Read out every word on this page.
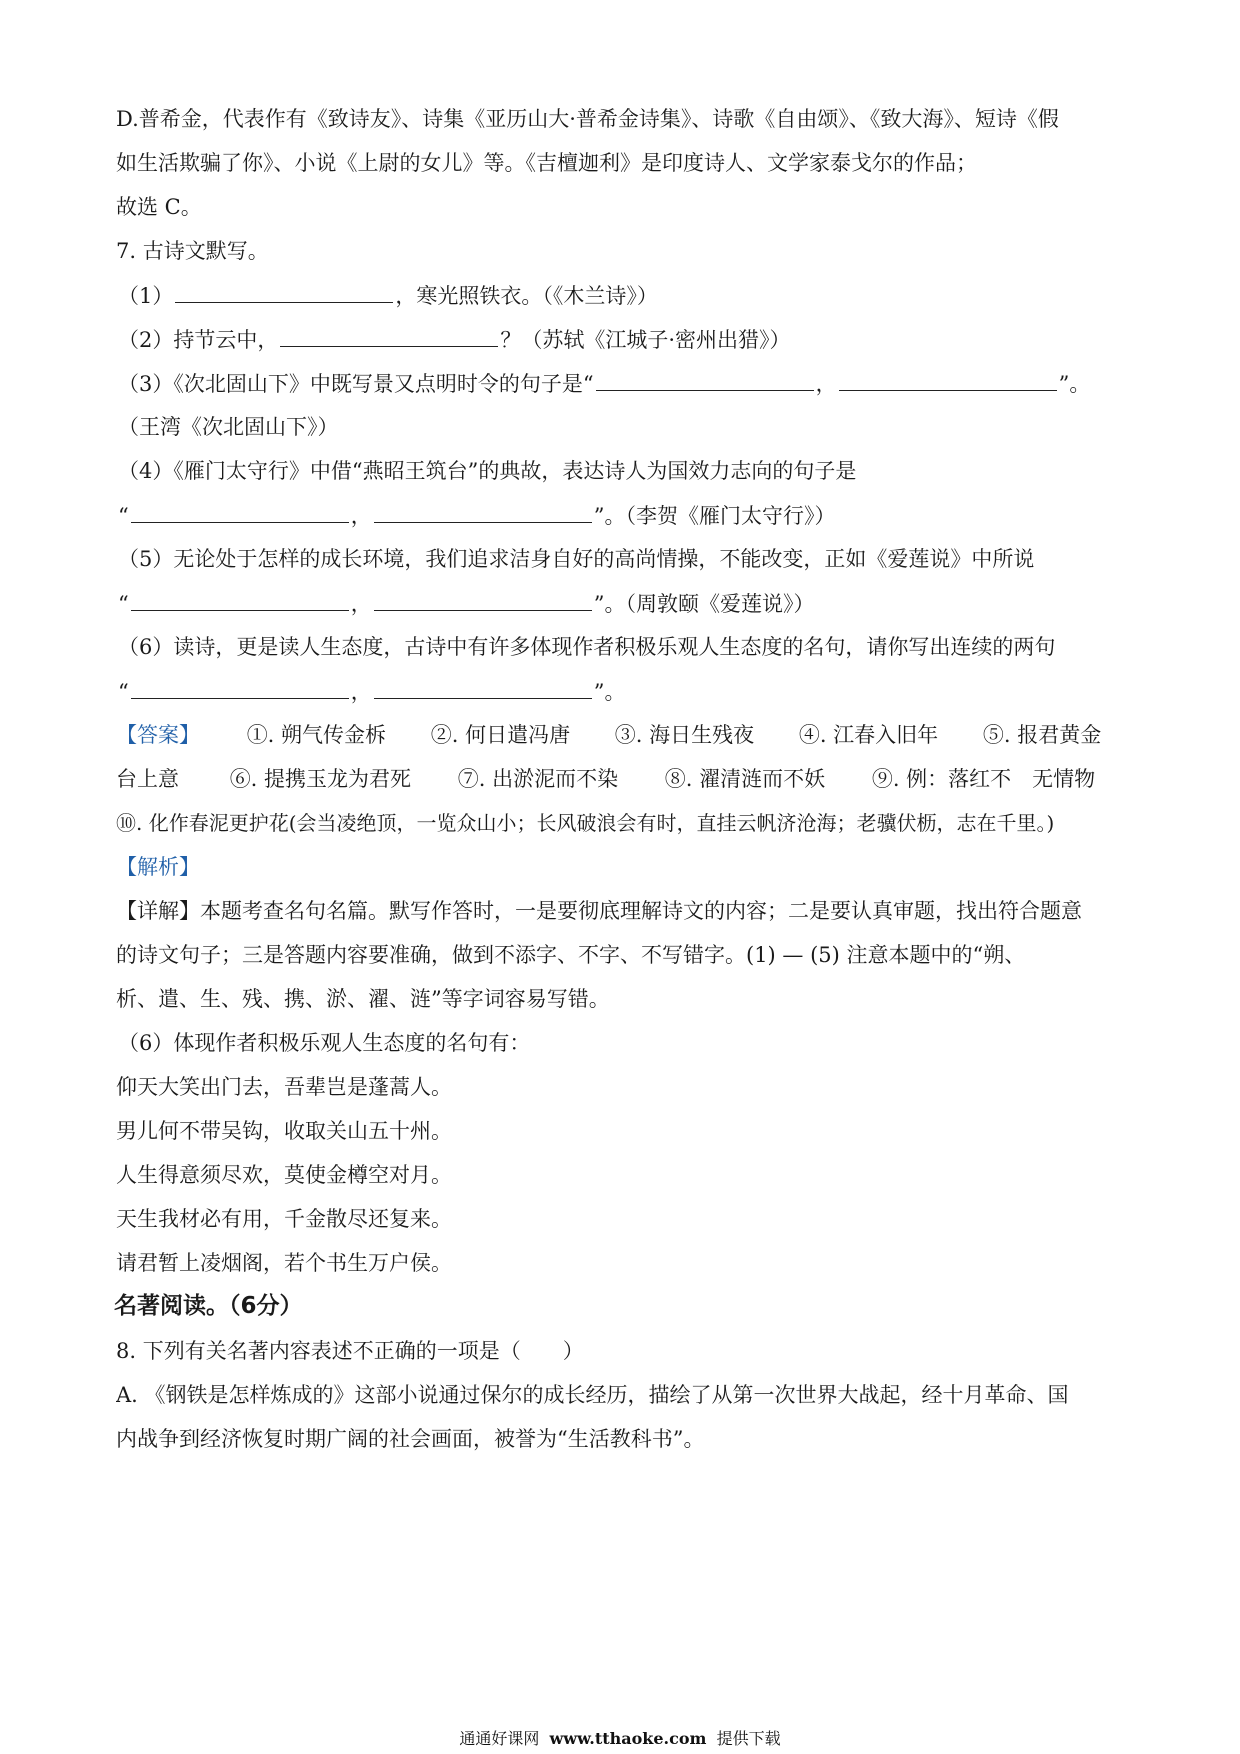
D.普希金，代表作有《致诗友》、诗集《亚历山大·普希金诗集》、诗歌《自由颂》、《致大海》、短诗《假
如生活欺骗了你》、小说《上尉的女儿》等。《吉檀迦利》是印度诗人、文学家泰戈尔的作品；
故选 C。
7. 古诗文默写。
（1）	，寒光照铁衣。（《木兰诗》）
（2）持节云中，	？（苏轼《江城子·密州出猎》）
（3）《次北固山下》中既写景又点明时令的句子是“	，	”。
（王湾《次北固山下》）
（4）《雁门太守行》中借“燕昭王筑台”的典故，表达诗人为国效力志向的句子是
“	，	”。（李贺《雁门太守行》）
（5）无论处于怎样的成长环境，我们追求洁身自好的高尚情操，不能改变，正如《爱莲说》中所说
“	，	”。（周敦颐《爱莲说》）
（6）读诗，更是读人生态度，古诗中有许多体现作者积极乐观人生态度的名句，请你写出连续的两句
“	，	”。
【答案】 ①. 朔气传金柝 ②. 何日遣冯唐 ③. 海日生残夜 ④. 江春入旧年 ⑤. 报君黄金
台上意 ⑥. 提携玉龙为君死 ⑦. 出淤泥而不染 ⑧. 濯清涟而不妖 ⑨. 例：落红不　无情物
⑩. 化作春泥更护花(会当凌绝顶，一览众山小；长风破浪会有时，直挂云帆济沧海；老骥伏枥，志在千里。)
【解析】
【详解】本题考查名句名篇。默写作答时，一是要彻底理解诗文的内容；二是要认真审题，找出符合题意
的诗文句子；三是答题内容要准确，做到不添字、不字、不写错字。(1) — (5) 注意本题中的“朔、
析、遣、生、残、携、淤、濯、涟”等字词容易写错。
（6）体现作者积极乐观人生态度的名句有：
仰天大笑出门去，吾辈岂是蓬蒿人。
男儿何不带吴钩，收取关山五十州。
人生得意须尽欢，莫使金樽空对月。
天生我材必有用，千金散尽还复来。
请君暂上凌烟阁，若个书生万户侯。
名著阅读。（6分）
8. 下列有关名著内容表述不正确的一项是（　　）
A. 《钢铁是怎样炼成的》这部小说通过保尔的成长经历，描绘了从第一次世界大战起，经十月革命、国
内战争到经济恢复时期广阔的社会画面，被誉为“生活教科书”。
通通好课网 www.tthaoke.com 提供下载
